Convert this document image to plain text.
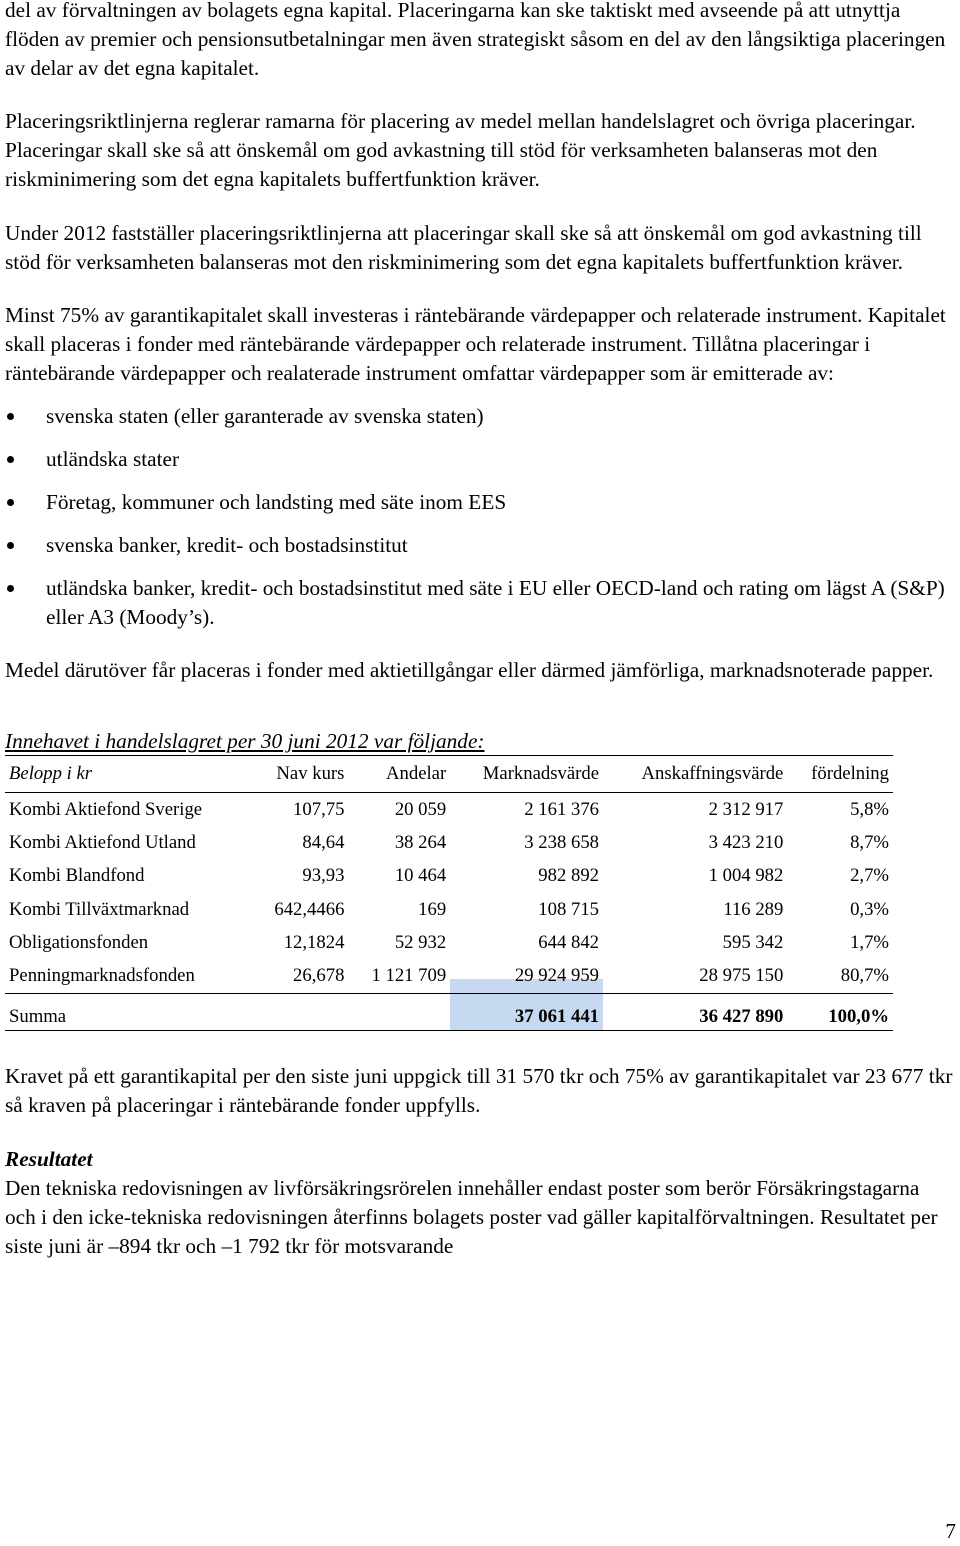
del av förvaltningen av bolagets egna kapital. Placeringarna kan ske taktiskt med avseende på att utnyttja flöden av premier och pensionsutbetalningar men även strategiskt såsom en del av den långsiktiga placeringen av delar av det egna kapitalet.

Placeringsriktlinjerna reglerar ramarna för placering av medel mellan handelslagret och övriga placeringar. Placeringar skall ske så att önskemål om god avkastning till stöd för verksamheten balanseras mot den riskminimering som det egna kapitalets buffertfunktion kräver.

Under 2012 fastställer placeringsriktlinjerna att placeringar skall ske så att önskemål om god avkastning till stöd för verksamheten balanseras mot den riskminimering som det egna kapitalets buffertfunktion kräver.

Minst 75% av garantikapitalet skall investeras i räntebärande värdepapper och relaterade instrument. Kapitalet skall placeras i fonder med räntebärande värdepapper och relaterade instrument. Tillåtna placeringar i räntebärande värdepapper och realaterade instrument omfattar värdepapper som är emitterade av:

svenska staten (eller garanterade av svenska staten)
utländska stater
Företag, kommuner och landsting med säte inom EES
svenska banker, kredit- och bostadsinstitut
utländska banker, kredit- och bostadsinstitut med säte i EU eller OECD-land och rating om lägst A (S&P) eller A3 (Moody’s).

Medel därutöver får placeras i fonder med aktietillgångar eller därmed jämförliga, marknadsnoterade papper.

Innehavet i handelslagret per 30 juni 2012 var följande:
Belopp i kr	Nav kurs	Andelar	Marknadsvärde	Anskaffningsvärde	fördelning
Kombi Aktiefond Sverige	107,75	20 059	2 161 376	2 312 917	5,8%
Kombi Aktiefond Utland	84,64	38 264	3 238 658	3 423 210	8,7%
Kombi Blandfond	93,93	10 464	982 892	1 004 982	2,7%
Kombi Tillväxtmarknad	642,4466	169	108 715	116 289	0,3%
Obligationsfonden	12,1824	52 932	644 842	595 342	1,7%
Penningmarknadsfonden	26,678	1 121 709	29 924 959	28 975 150	80,7%
Summa			37 061 441	36 427 890	100,0%

Kravet på ett garantikapital per den siste juni uppgick till 31 570 tkr och 75% av garantikapitalet var 23 677 tkr så kraven på placeringar i räntebärande fonder uppfylls.

Resultatet

Den tekniska redovisningen av livförsäkringsrörelen innehåller endast poster som berör Försäkringstagarna och i den icke-tekniska redovisningen återfinns bolagets poster vad gäller kapitalförvaltningen. Resultatet per siste juni är –894 tkr och –1 792 tkr för motsvarande

7
